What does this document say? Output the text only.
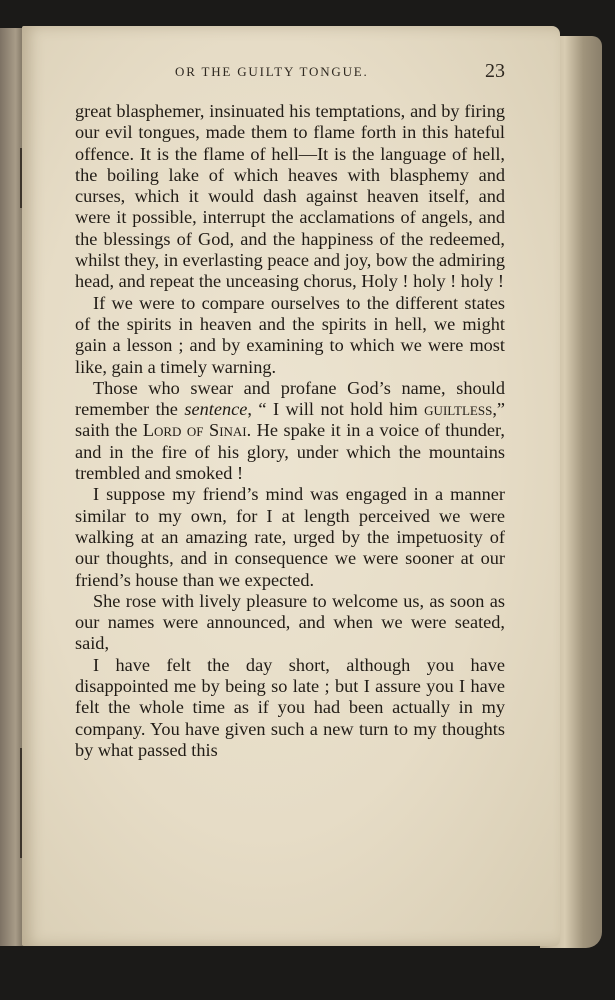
OR THE GUILTY TONGUE.	23

great blasphemer, insinuated his temptations, and by firing our evil tongues, made them to flame forth in this hateful offence. It is the flame of hell—It is the language of hell, the boiling lake of which heaves with blasphemy and curses, which it would dash against heaven itself, and were it possible, interrupt the acclamations of angels, and the blessings of God, and the happiness of the redeemed, whilst they, in everlasting peace and joy, bow the admiring head, and repeat the unceasing chorus, Holy ! holy ! holy !

If we were to compare ourselves to the different states of the spirits in heaven and the spirits in hell, we might gain a lesson ; and by examining to which we were most like, gain a timely warning.

Those who swear and profane God’s name, should remember the sentence, “ I will not hold him guiltless,” saith the Lord of Sinai. He spake it in a voice of thunder, and in the fire of his glory, under which the mountains trembled and smoked !

I suppose my friend’s mind was engaged in a manner similar to my own, for I at length perceived we were walking at an amazing rate, urged by the impetuosity of our thoughts, and in consequence we were sooner at our friend’s house than we expected.

She rose with lively pleasure to welcome us, as soon as our names were announced, and when we were seated, said,

I have felt the day short, although you have disappointed me by being so late ; but I assure you I have felt the whole time as if you had been actually in my company. You have given such a new turn to my thoughts by what passed this
